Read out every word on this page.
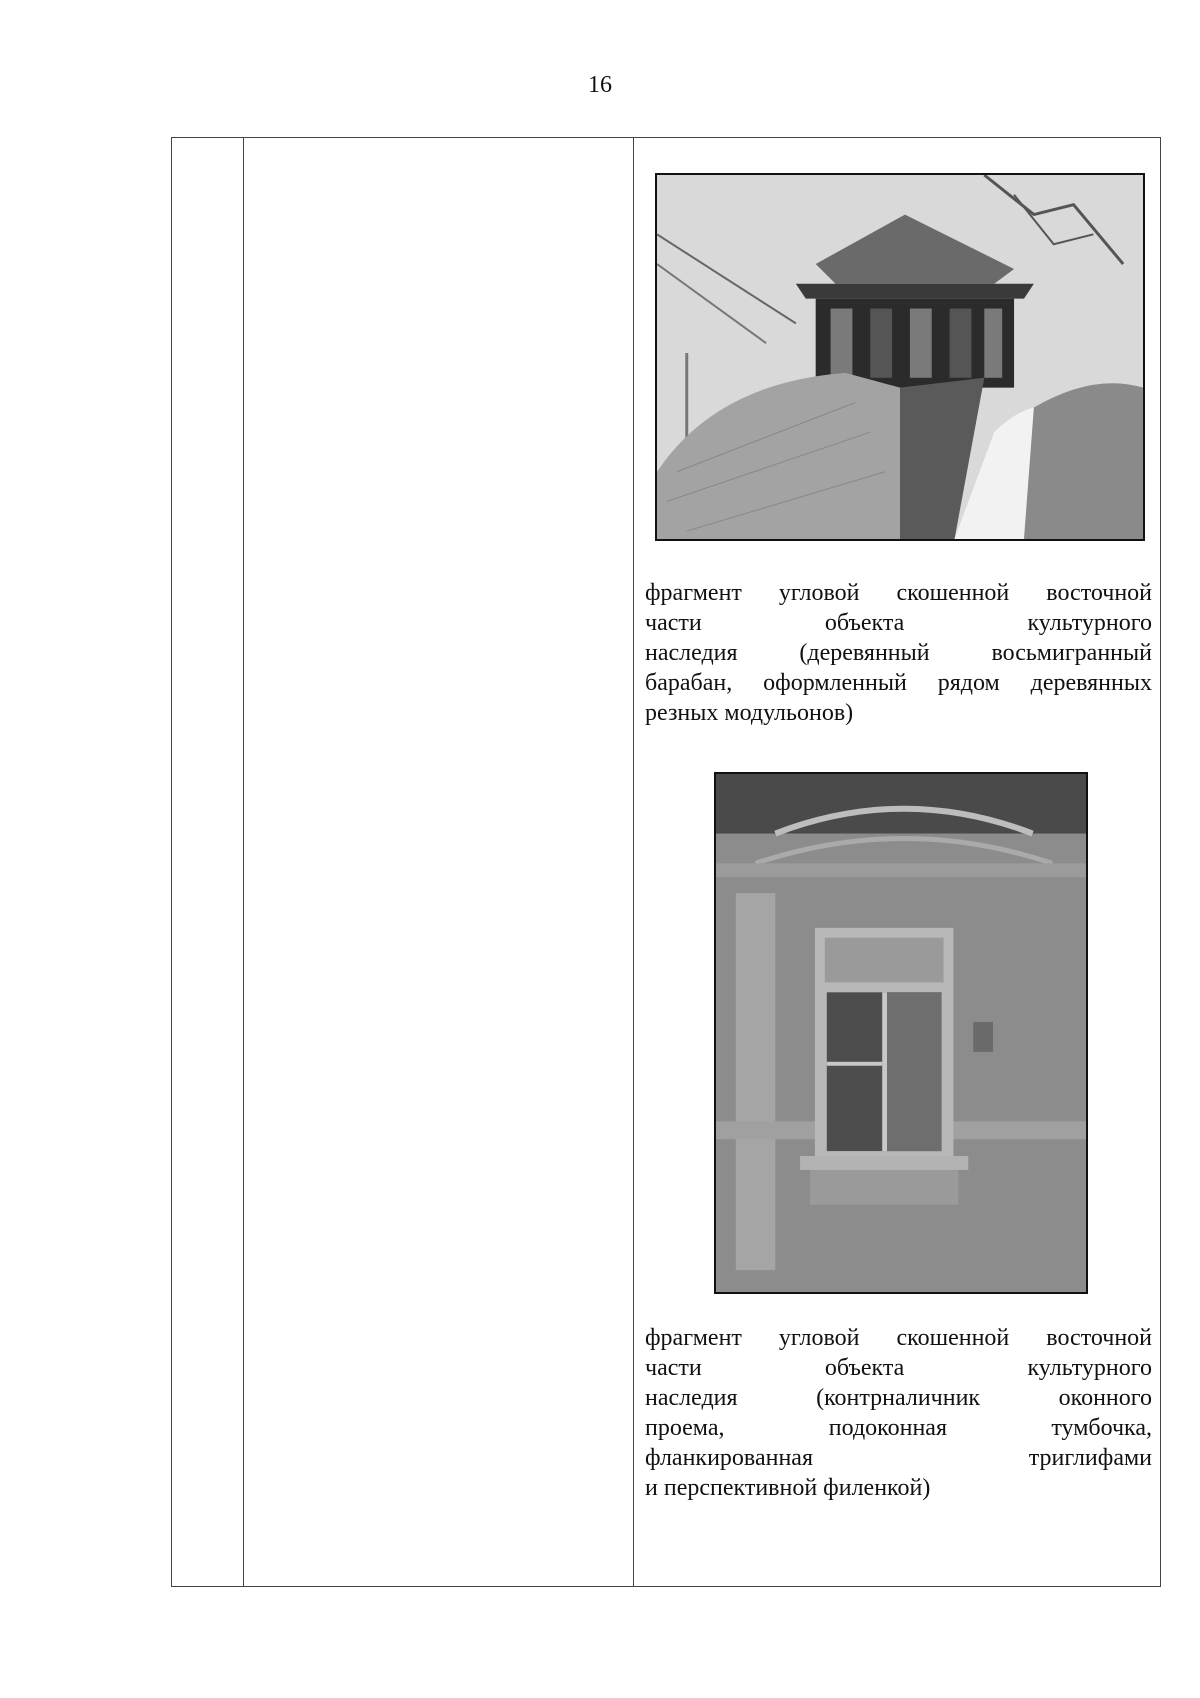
16
фрагмент угловой скошенной восточной
части объекта культурного
наследия (деревянный восьмигранный
барабан, оформленный рядом деревянных
резных модульонов)
фрагмент угловой скошенной восточной
части объекта культурного
наследия (контрналичник оконного
проема, подоконная тумбочка,
фланкированная триглифами
и перспективной филенкой)
